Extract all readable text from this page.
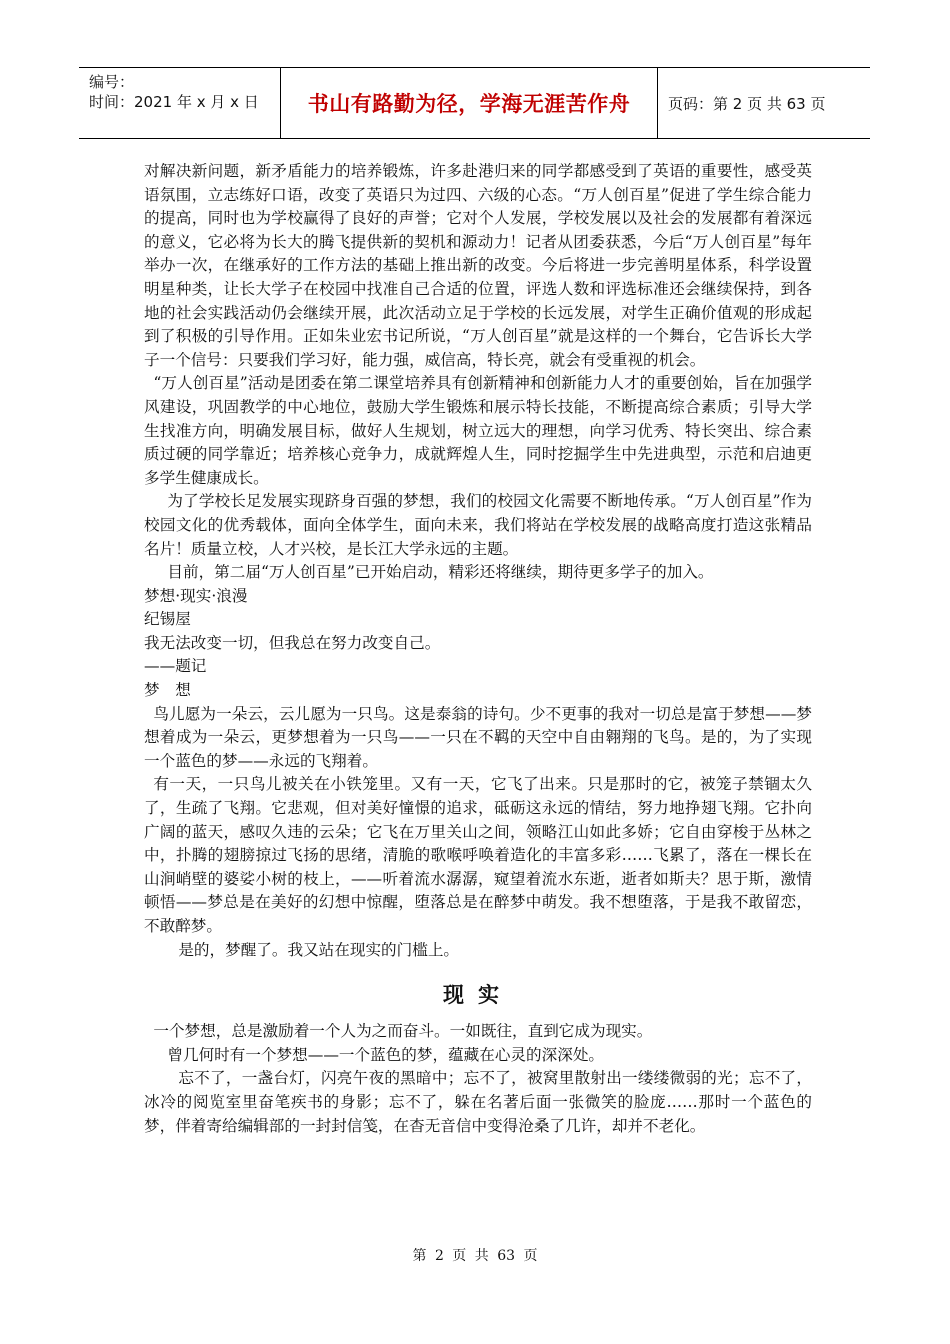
编号：
时间：2021 年 x 月 x 日	书山有路勤为径，学海无涯苦作舟	页码：第 2 页 共 63 页

对解决新问题，新矛盾能力的培养锻炼，许多赴港归来的同学都感受到了英语的重要性，感受英语氛围，立志练好口语，改变了英语只为过四、六级的心态。“万人创百星”促进了学生综合能力的提高，同时也为学校赢得了良好的声誉；它对个人发展，学校发展以及社会的发展都有着深远的意义，它必将为长大的腾飞提供新的契机和源动力！记者从团委获悉，今后“万人创百星”每年举办一次，在继承好的工作方法的基础上推出新的改变。今后将进一步完善明星体系，科学设置明星种类，让长大学子在校园中找准自己合适的位置，评选人数和评选标准还会继续保持，到各地的社会实践活动仍会继续开展，此次活动立足于学校的长远发展，对学生正确价值观的形成起到了积极的引导作用。正如朱业宏书记所说，“万人创百星”就是这样的一个舞台，它告诉长大学子一个信号：只要我们学习好，能力强，威信高，特长亮，就会有受重视的机会。

“万人创百星”活动是团委在第二课堂培养具有创新精神和创新能力人才的重要创始，旨在加强学风建设，巩固教学的中心地位，鼓励大学生锻炼和展示特长技能，不断提高综合素质；引导大学生找准方向，明确发展目标，做好人生规划，树立远大的理想，向学习优秀、特长突出、综合素质过硬的同学靠近；培养核心竞争力，成就辉煌人生，同时挖掘学生中先进典型，示范和启迪更多学生健康成长。

为了学校长足发展实现跻身百强的梦想，我们的校园文化需要不断地传承。“万人创百星”作为校园文化的优秀载体，面向全体学生，面向未来，我们将站在学校发展的战略高度打造这张精品名片！质量立校，人才兴校，是长江大学永远的主题。

目前，第二届“万人创百星”已开始启动，精彩还将继续，期待更多学子的加入。

梦想·现实·浪漫

纪锡屋

我无法改变一切，但我总在努力改变自己。

——题记

梦　想

鸟儿愿为一朵云，云儿愿为一只鸟。这是泰翁的诗句。少不更事的我对一切总是富于梦想——梦想着成为一朵云，更梦想着为一只鸟——一只在不羁的天空中自由翱翔的飞鸟。是的，为了实现一个蓝色的梦——永远的飞翔着。

有一天，一只鸟儿被关在小铁笼里。又有一天，它飞了出来。只是那时的它，被笼子禁锢太久了，生疏了飞翔。它悲观，但对美好憧憬的追求，砥砺这永远的情结，努力地挣翅飞翔。它扑向广阔的蓝天，感叹久违的云朵；它飞在万里关山之间，领略江山如此多娇；它自由穿梭于丛林之中，扑腾的翅膀掠过飞扬的思绪，清脆的歌喉呼唤着造化的丰富多彩……飞累了，落在一棵长在山涧峭壁的婆娑小树的枝上，——听着流水潺潺，窥望着流水东逝，逝者如斯夫？思于斯，激情顿悟——梦总是在美好的幻想中惊醒，堕落总是在醉梦中萌发。我不想堕落，于是我不敢留恋，不敢醉梦。

是的，梦醒了。我又站在现实的门槛上。

现实

一个梦想，总是激励着一个人为之而奋斗。一如既往，直到它成为现实。

曾几何时有一个梦想——一个蓝色的梦，蕴藏在心灵的深深处。

忘不了，一盏台灯，闪亮午夜的黑暗中；忘不了，被窝里散射出一缕缕微弱的光；忘不了，冰冷的阅览室里奋笔疾书的身影；忘不了，躲在名著后面一张微笑的脸庞……那时一个蓝色的梦，伴着寄给编辑部的一封封信笺，在杳无音信中变得沧桑了几许，却并不老化。

第 2 页 共 63 页
